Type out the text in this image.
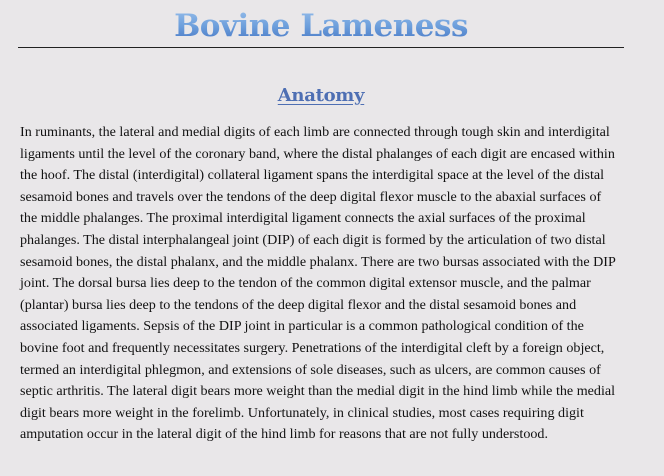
Bovine Lameness
Anatomy

In ruminants, the lateral and medial digits of each limb are connected through tough skin and interdigital ligaments until the level of the coronary band, where the distal phalanges of each digit are encased within the hoof. The distal (interdigital) collateral ligament spans the interdigital space at the level of the distal sesamoid bones and travels over the tendons of the deep digital flexor muscle to the abaxial surfaces of the middle phalanges. The proximal interdigital ligament connects the axial surfaces of the proximal phalanges. The distal interphalangeal joint (DIP) of each digit is formed by the articulation of two distal sesamoid bones, the distal phalanx, and the middle phalanx. There are two bursas associated with the DIP joint. The dorsal bursa lies deep to the tendon of the common digital extensor muscle, and the palmar (plantar) bursa lies deep to the tendons of the deep digital flexor and the distal sesamoid bones and associated ligaments. Sepsis of the DIP joint in particular is a common pathological condition of the bovine foot and frequently necessitates surgery. Penetrations of the interdigital cleft by a foreign object, termed an interdigital phlegmon, and extensions of sole diseases, such as ulcers, are common causes of septic arthritis. The lateral digit bears more weight than the medial digit in the hind limb while the medial digit bears more weight in the forelimb. Unfortunately, in clinical studies, most cases requiring digit amputation occur in the lateral digit of the hind limb for reasons that are not fully understood.
